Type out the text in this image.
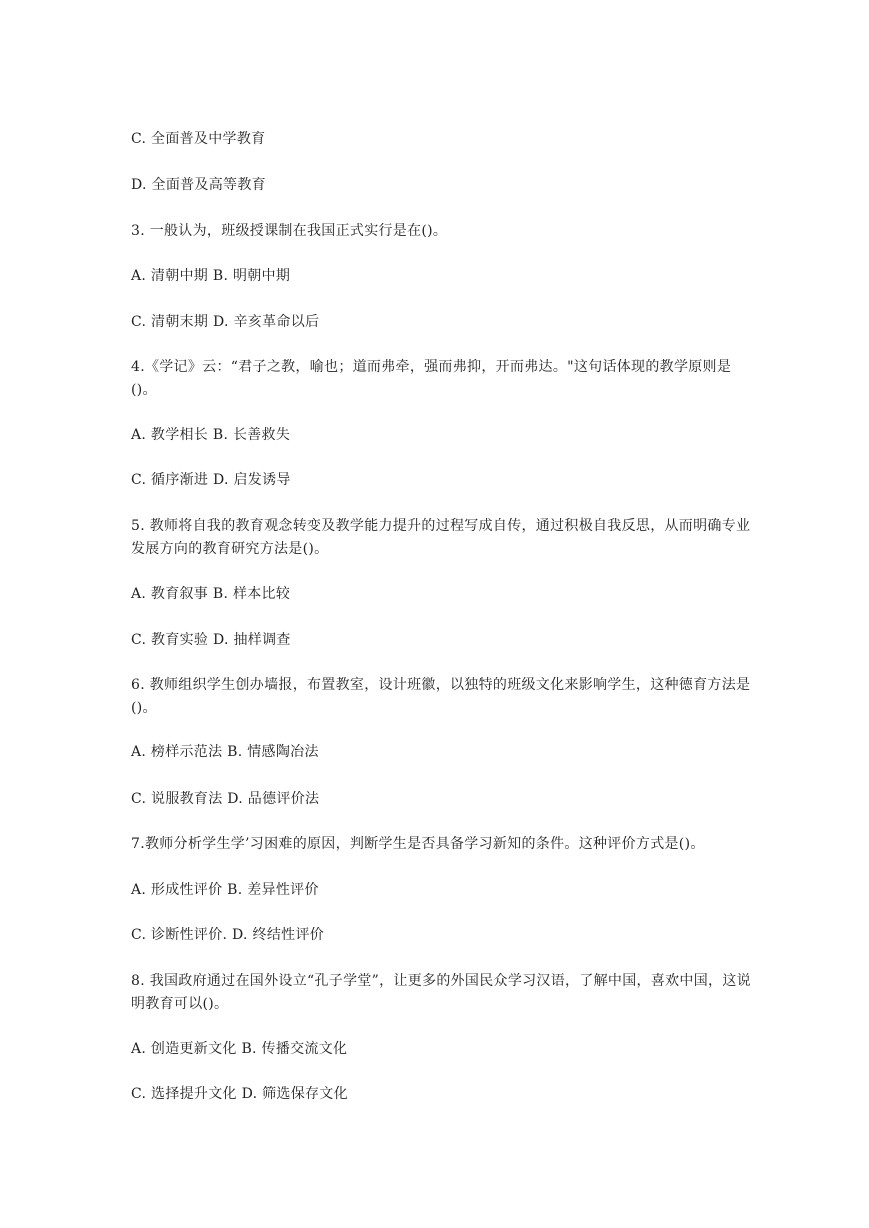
C. 全面普及中学教育
D. 全面普及高等教育
3. 一般认为，班级授课制在我国正式实行是在()。
A. 清朝中期 B. 明朝中期
C. 清朝末期 D. 辛亥革命以后
4.《学记》云：“君子之教，喻也；道而弗牵，强而弗抑，开而弗达。"这句话体现的教学原则是()。
A. 教学相长 B. 长善救失
C. 循序渐进 D. 启发诱导
5. 教师将自我的教育观念转变及教学能力提升的过程写成自传，通过积极自我反思，从而明确专业发展方向的教育研究方法是()。
A. 教育叙事 B. 样本比较
C. 教育实验 D. 抽样调查
6. 教师组织学生创办墙报，布置教室，设计班徽，以独特的班级文化来影响学生，这种德育方法是()。
A. 榜样示范法 B. 情感陶冶法
C. 说服教育法 D. 品德评价法
7.教师分析学生学’习困难的原因，判断学生是否具备学习新知的条件。这种评价方式是()。
A. 形成性评价 B. 差异性评价
C. 诊断性评价. D. 终结性评价
8. 我国政府通过在国外设立“孔子学堂”，让更多的外国民众学习汉语，了解中国，喜欢中国，这说明教育可以()。
A. 创造更新文化 B. 传播交流文化
C. 选择提升文化 D. 筛选保存文化
